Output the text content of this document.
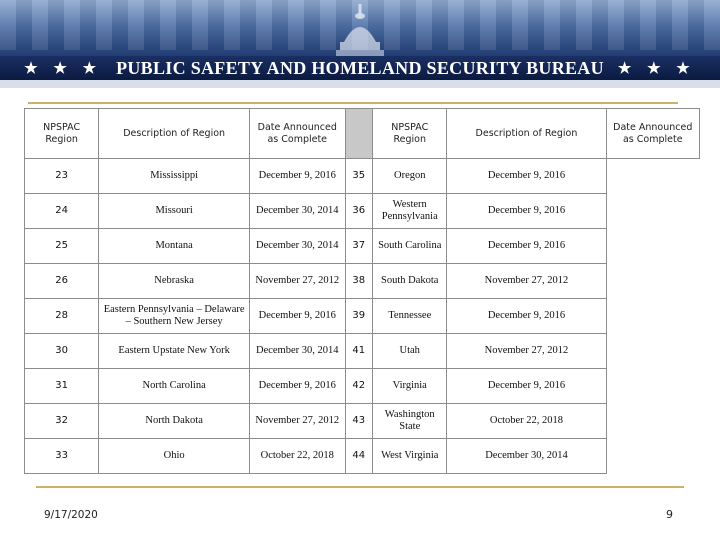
★ ★ ★ PUBLIC SAFETY AND HOMELAND SECURITY BUREAU ★ ★ ★
NPSPAC Region	Description of Region	Date Announced as Complete		NPSPAC Region	Description of Region	Date Announced as Complete
23	Mississippi	December 9, 2016	35	Oregon	December 9, 2016	
24	Missouri	December 30, 2014	36	Western Pennsylvania	December 9, 2016	
25	Montana	December 30, 2014	37	South Carolina	December 9, 2016	
26	Nebraska	November 27, 2012	38	South Dakota	November 27, 2012	
28	Eastern Pennsylvania – Delaware – Southern New Jersey	December 9, 2016	39	Tennessee	December 9, 2016	
30	Eastern Upstate New York	December 30, 2014	41	Utah	November 27, 2012	
31	North Carolina	December 9, 2016	42	Virginia	December 9, 2016	
32	North Dakota	November 27, 2012	43	Washington State	October 22, 2018	
33	Ohio	October 22, 2018	44	West Virginia	December 30, 2014	
9/17/2020	9
